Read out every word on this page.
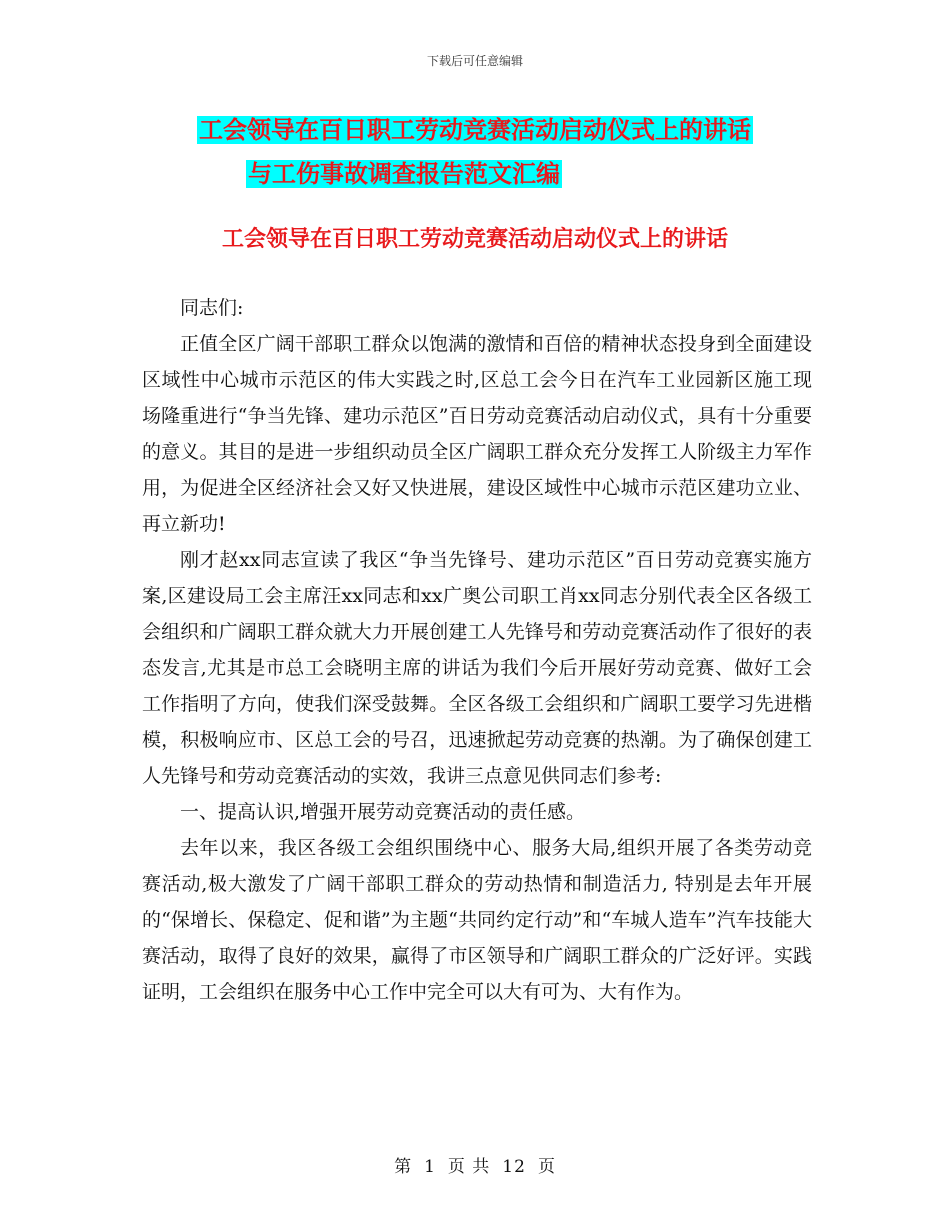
下载后可任意编辑
工会领导在百日职工劳动竞赛活动启动仪式上的讲话
与工伤事故调查报告范文汇编
工会领导在百日职工劳动竞赛活动启动仪式上的讲话

同志们:

正值全区广阔干部职工群众以饱满的激情和百倍的精神状态投身到全面建设区域性中心城市示范区的伟大实践之时,区总工会今日在汽车工业园新区施工现场隆重进行“争当先锋、建功示范区”百日劳动竞赛活动启动仪式，具有十分重要的意义。其目的是进一步组织动员全区广阔职工群众充分发挥工人阶级主力军作用，为促进全区经济社会又好又快进展，建设区域性中心城市示范区建功立业、再立新功!

刚才赵xx同志宣读了我区“争当先锋号、建功示范区”百日劳动竞赛实施方案,区建设局工会主席汪xx同志和xx广奥公司职工肖xx同志分别代表全区各级工会组织和广阔职工群众就大力开展创建工人先锋号和劳动竞赛活动作了很好的表态发言,尤其是市总工会晓明主席的讲话为我们今后开展好劳动竞赛、做好工会工作指明了方向，使我们深受鼓舞。全区各级工会组织和广阔职工要学习先进楷模，积极响应市、区总工会的号召，迅速掀起劳动竞赛的热潮。为了确保创建工人先锋号和劳动竞赛活动的实效，我讲三点意见供同志们参考:

一、提高认识,增强开展劳动竞赛活动的责任感。

去年以来，我区各级工会组织围绕中心、服务大局,组织开展了各类劳动竞赛活动,极大激发了广阔干部职工群众的劳动热情和制造活力, 特别是去年开展的“保增长、保稳定、促和谐”为主题“共同约定行动”和“车城人造车”汽车技能大赛活动，取得了良好的效果，赢得了市区领导和广阔职工群众的广泛好评。实践证明，工会组织在服务中心工作中完全可以大有可为、大有作为。

第 1 页 共 12 页
